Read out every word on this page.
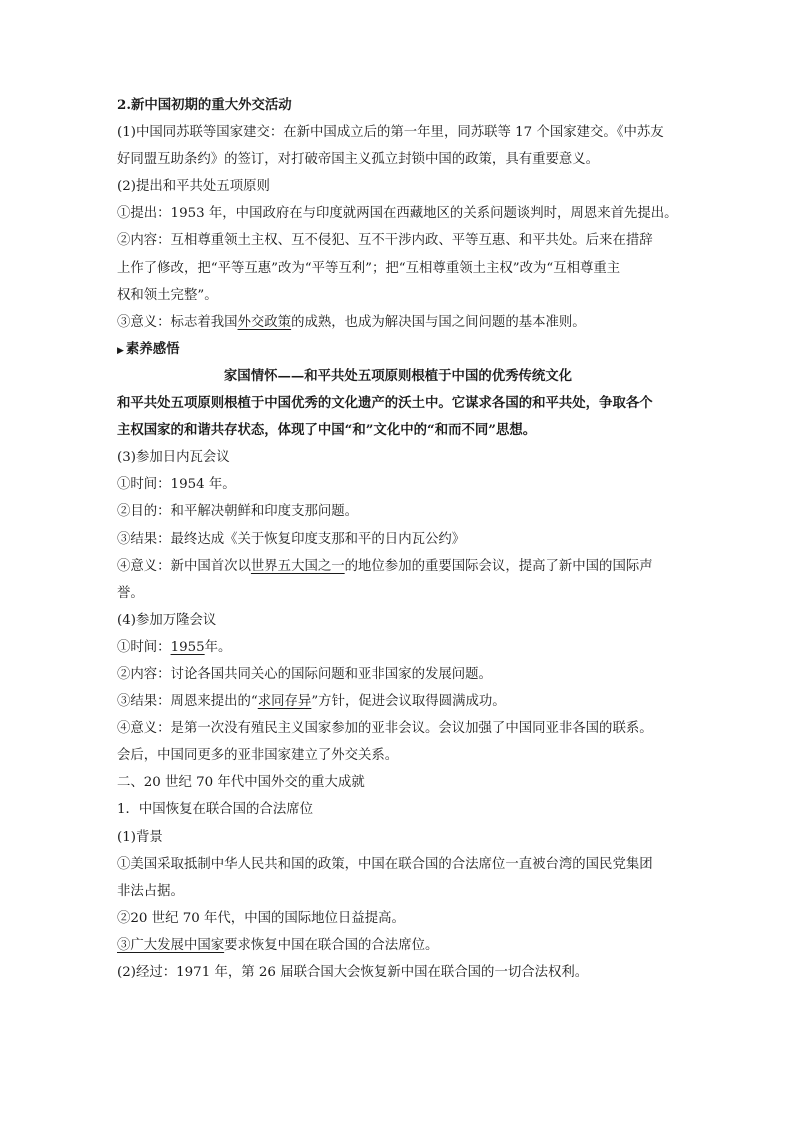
2.新中国初期的重大外交活动
(1)中国同苏联等国家建交：在新中国成立后的第一年里，同苏联等 17 个国家建交。《中苏友
好同盟互助条约》的签订，对打破帝国主义孤立封锁中国的政策，具有重要意义。
(2)提出和平共处五项原则
①提出：1953 年，中国政府在与印度就两国在西藏地区的关系问题谈判时，周恩来首先提出。
②内容：互相尊重领土主权、互不侵犯、互不干涉内政、平等互惠、和平共处。后来在措辞
上作了修改，把“平等互惠”改为“平等互利”；把“互相尊重领土主权”改为“互相尊重主
权和领土完整”。
③意义：标志着我国外交政策的成熟，也成为解决国与国之间问题的基本准则。
▶ 素养感悟
家国情怀——和平共处五项原则根植于中国的优秀传统文化
和平共处五项原则根植于中国优秀的文化遗产的沃土中。它谋求各国的和平共处，争取各个
主权国家的和谐共存状态，体现了中国“和”文化中的“和而不同”思想。
(3)参加日内瓦会议
①时间：1954 年。
②目的：和平解决朝鲜和印度支那问题。
③结果：最终达成《关于恢复印度支那和平的日内瓦公约》
④意义：新中国首次以世界五大国之一的地位参加的重要国际会议，提高了新中国的国际声
誉。
(4)参加万隆会议
①时间：1955年。
②内容：讨论各国共同关心的国际问题和亚非国家的发展问题。
③结果：周恩来提出的“求同存异”方针，促进会议取得圆满成功。
④意义：是第一次没有殖民主义国家参加的亚非会议。会议加强了中国同亚非各国的联系。
会后，中国同更多的亚非国家建立了外交关系。
二、20 世纪 70 年代中国外交的重大成就
1．中国恢复在联合国的合法席位
(1)背景
①美国采取抵制中华人民共和国的政策，中国在联合国的合法席位一直被台湾的国民党集团
非法占据。
②20 世纪 70 年代，中国的国际地位日益提高。
③广大发展中国家要求恢复中国在联合国的合法席位。
(2)经过：1971 年，第 26 届联合国大会恢复新中国在联合国的一切合法权利。
